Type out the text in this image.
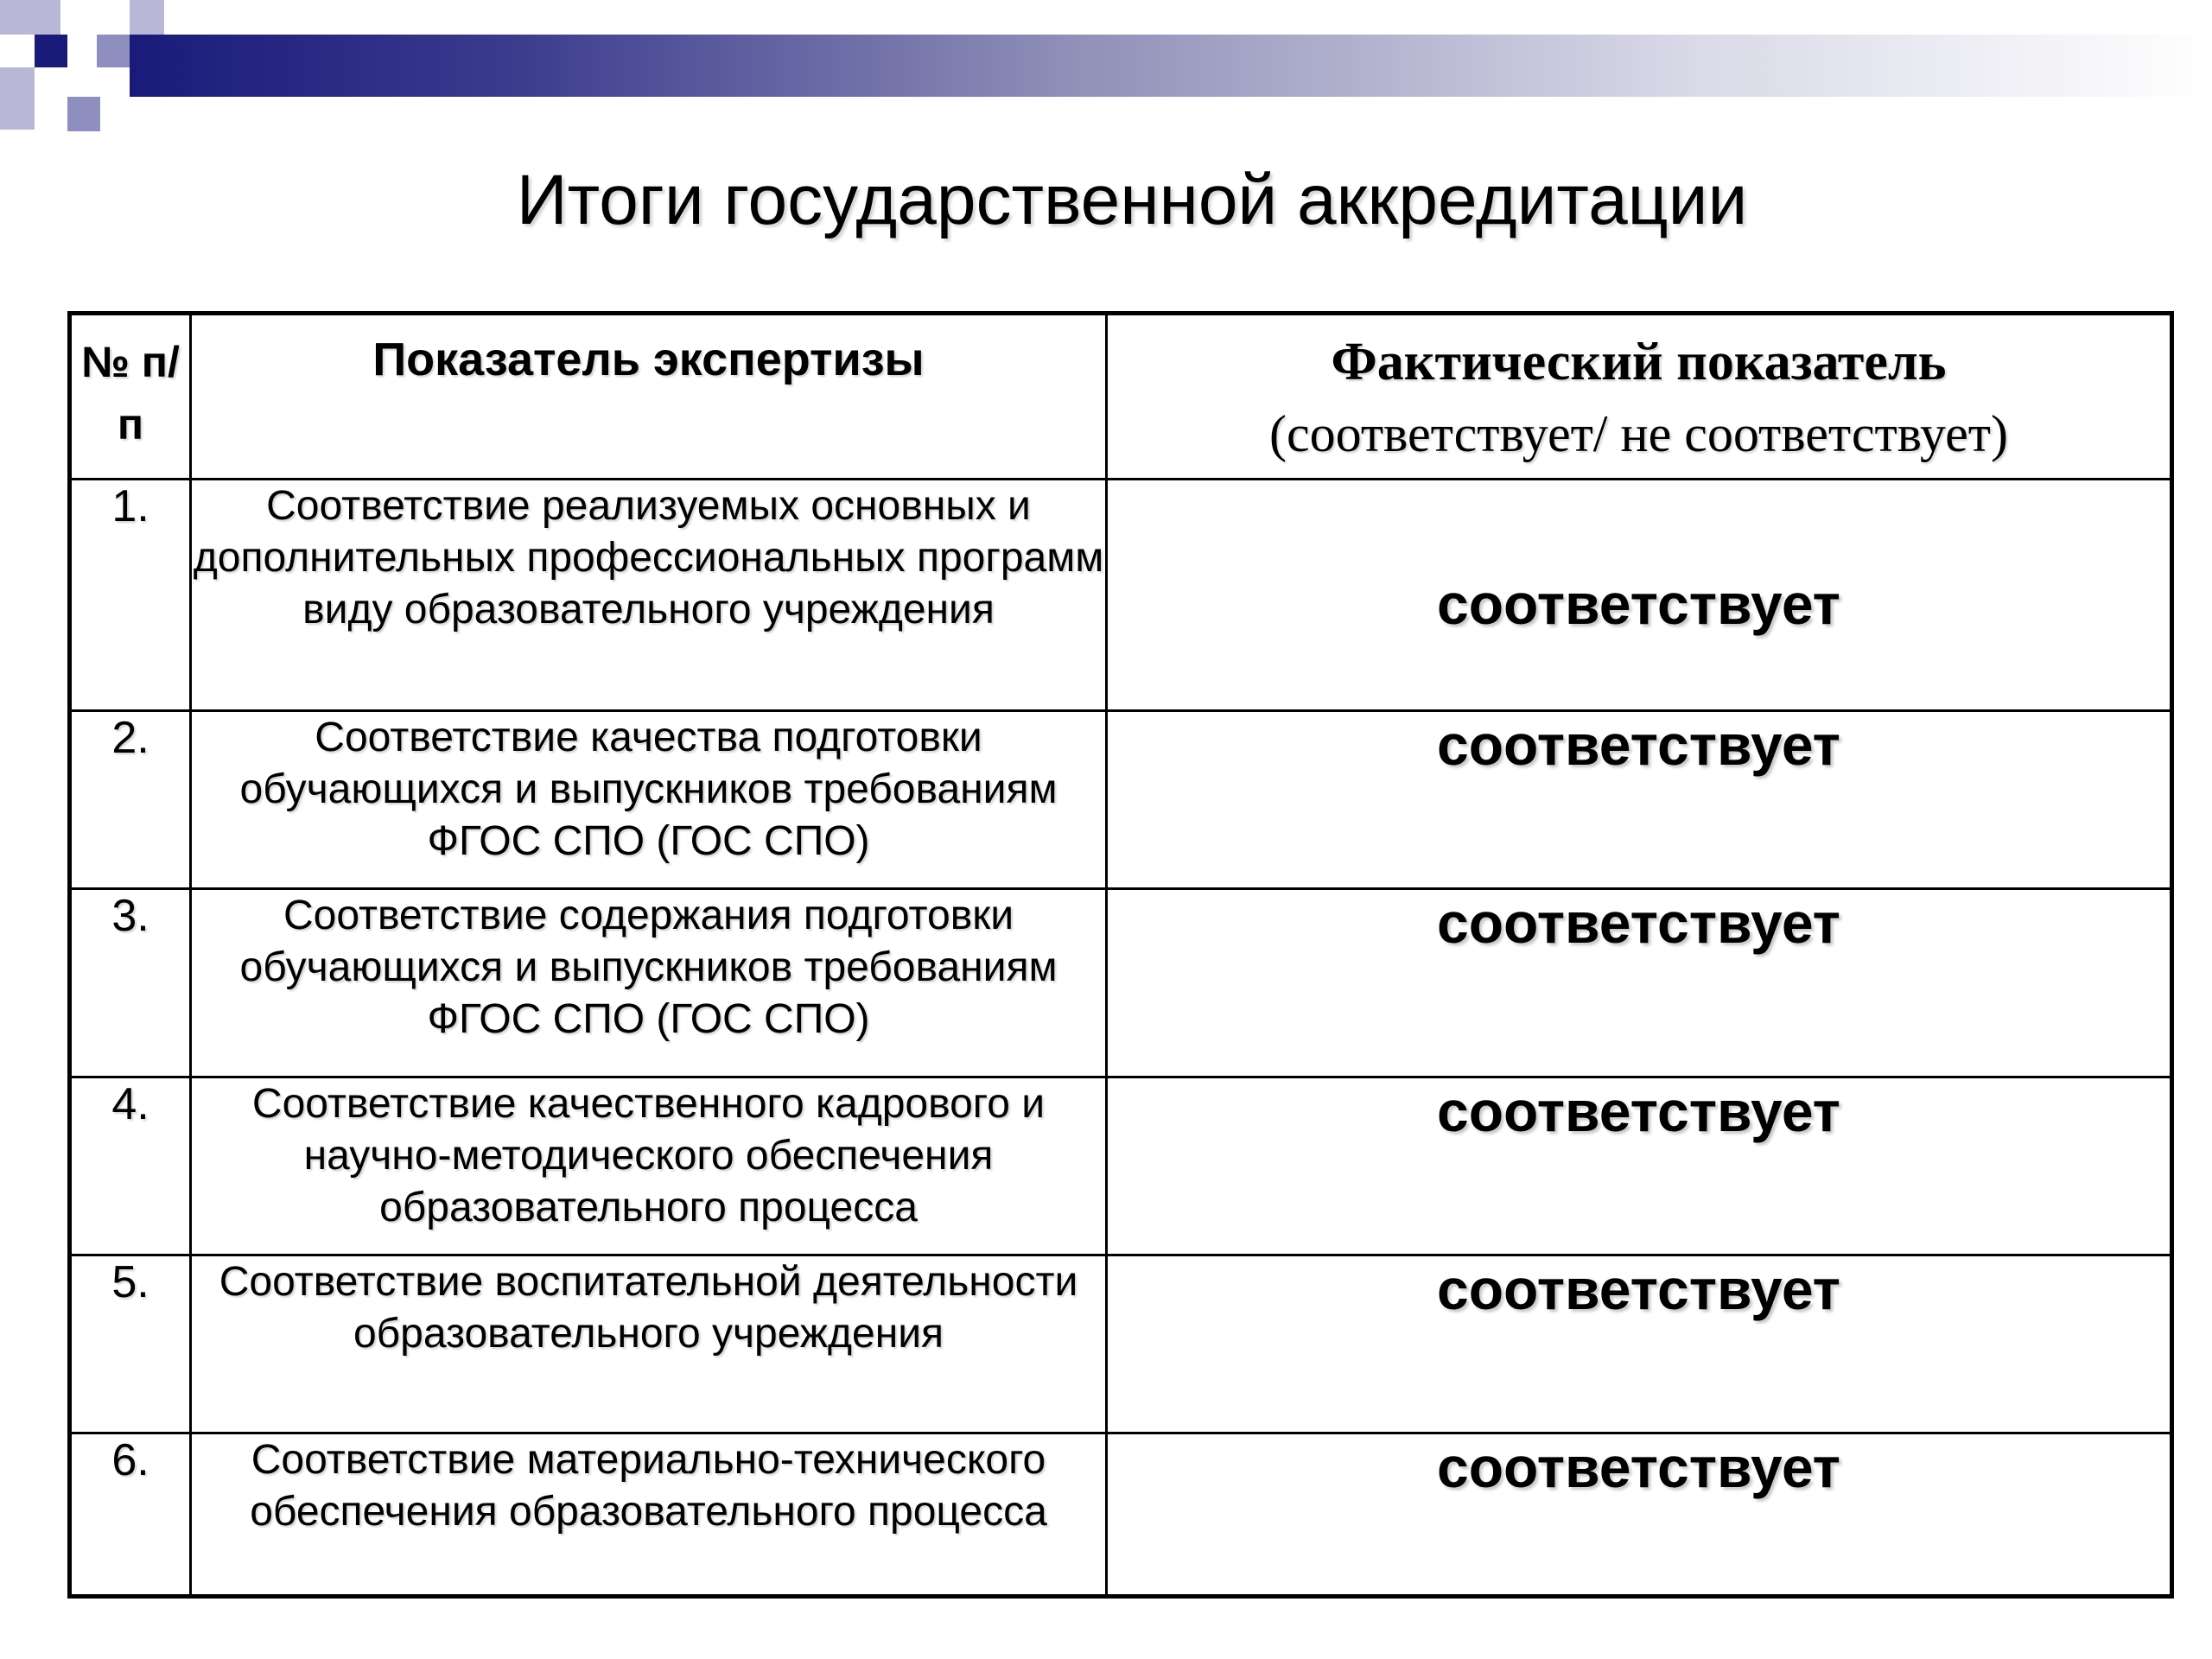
Итоги государственной аккредитации
№ п/п	Показатель экспертизы	Фактический показатель
(соответствует/ не соответствует)

1.	Соответствие реализуемых основных и дополнительных профессиональных программ виду образовательного учреждения	соответствует
2.	Соответствие качества подготовки обучающихся и выпускников требованиям ФГОС СПО (ГОС СПО)	соответствует
3.	Соответствие содержания подготовки обучающихся и выпускников требованиям ФГОС СПО (ГОС СПО)	соответствует
4.	Соответствие качественного кадрового и научно-методического обеспечения образовательного процесса	соответствует
5.	Соответствие воспитательной деятельности образовательного учреждения	соответствует
6.	Соответствие материально-технического обеспечения образовательного процесса	соответствует
